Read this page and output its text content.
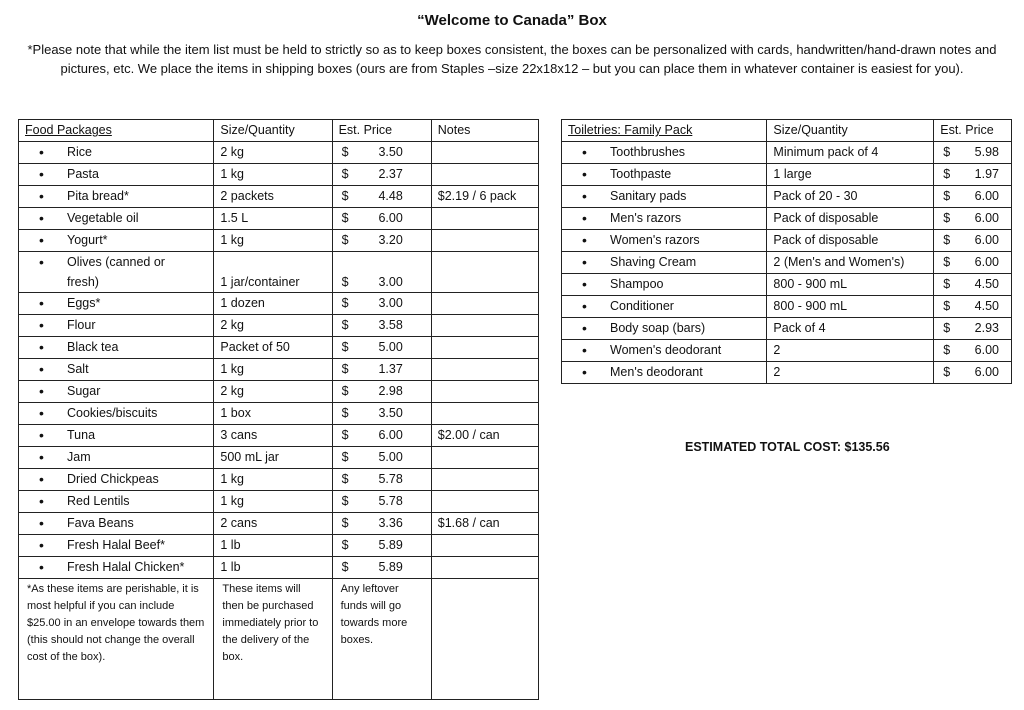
“Welcome to Canada” Box
*Please note that while the item list must be held to strictly so as to keep boxes consistent, the boxes can be personalized with cards, handwritten/hand-drawn notes and pictures, etc. We place the items in shipping boxes (ours are from Staples –size 22x18x12 – but you can place them in whatever container is easiest for you).
Food Packages	Size/Quantity	Est. Price	Notes
• Rice	2 kg	$ 3.50	

• Pasta	1 kg	$ 2.37	

• Pita bread*	2 packets	$ 4.48	$2.19 / 6 pack
• Vegetable oil	1.5 L	$ 6.00	

• Yogurt*	1 kg	$ 3.20	

• Olives (canned or fresh)	1 jar/container	$ 3.00	

• Eggs*	1 dozen	$ 3.00	

• Flour	2 kg	$ 3.58	

• Black tea	Packet of 50	$ 5.00	

• Salt	1 kg	$ 1.37	

• Sugar	2 kg	$ 2.98	

• Cookies/biscuits	1 box	$ 3.50	

• Tuna	3 cans	$ 6.00	$2.00 / can
• Jam	500 mL jar	$ 5.00	

• Dried Chickpeas	1 kg	$ 5.78	

• Red Lentils	1 kg	$ 5.78	

• Fava Beans	2 cans	$ 3.36	$1.68 / can
• Fresh Halal Beef*	1 lb	$ 5.89	

• Fresh Halal Chicken*	1 lb	$ 5.89	

*As these items are perishable, it is most helpful if you can include $25.00 in an envelope towards them (this should not change the overall cost of the box).	These items will then be purchased immediately prior to the delivery of the box.	Any leftover funds will go towards more boxes.	
Toiletries: Family Pack	Size/Quantity	Est. Price
• Toothbrushes	Minimum pack of 4	$ 5.98

• Toothpaste	1 large	$ 1.97

• Sanitary pads	Pack of 20 - 30	$ 6.00

• Men's razors	Pack of disposable	$ 6.00

• Women's razors	Pack of disposable	$ 6.00

• Shaving Cream	2 (Men's and Women's)	$ 6.00

• Shampoo	800 - 900 mL	$ 4.50

• Conditioner	800 - 900 mL	$ 4.50

• Body soap (bars)	Pack of 4	$ 2.93

• Women's deodorant	2	$ 6.00

• Men's deodorant	2	$ 6.00
ESTIMATED TOTAL COST: $135.56
